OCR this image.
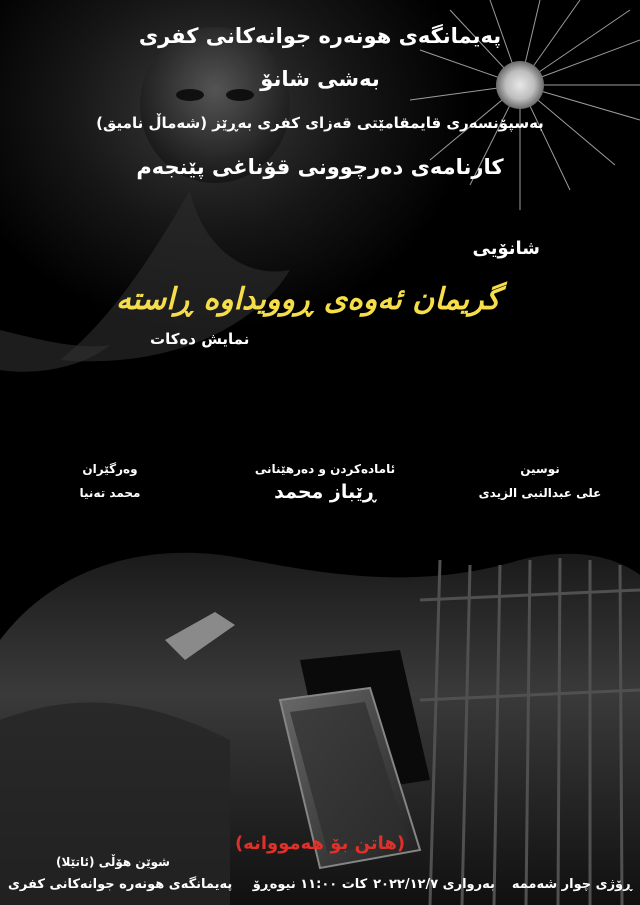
پەیمانگەی هونەرە جوانەکانی کفری
بەشی شانۆ
بەسپۆنسەری قایمقامێتی قەزای کفری بەڕێز (شەماڵ نامیق)
کارنامەی دەرچوونی قۆناغی پێنجەم
شانۆیی
گریمان ئەوەی ڕوویداوە ڕاستە
نمایش دەکات
نوسین
علی عبدالنبی الزیدی
ئامادەکردن و دەرهێنانی
ڕێباز محمد
وەرگێران
محمد تەنیا
(هاتن بۆ هەمووانە)
شوێن هۆڵی (ئاتێلا)
ڕۆژی چوار شەممە
بەرواری ٢٠٢٢/١٢/٧
کات ١١:٠٠ نیوەڕۆ
پەیمانگەی هونەرە جوانەکانی کفری
